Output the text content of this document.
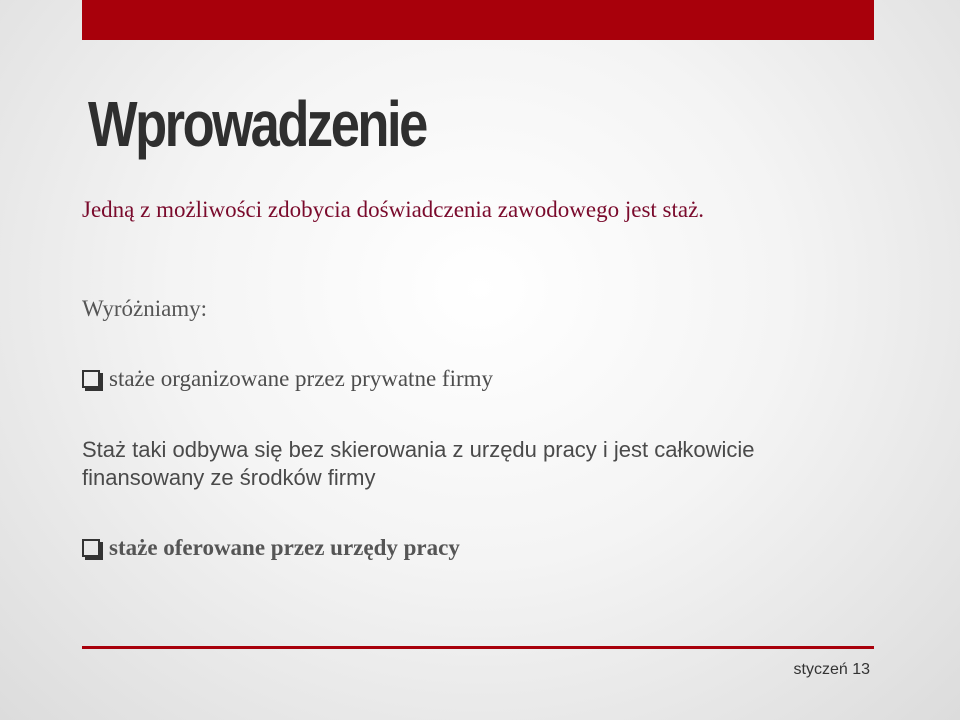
Wprowadzenie
Jedną z możliwości zdobycia doświadczenia zawodowego jest staż.
Wyróżniamy:
staże organizowane przez prywatne firmy
Staż taki odbywa się bez skierowania z urzędu pracy i jest całkowicie finansowany ze środków firmy
staże oferowane przez urzędy pracy
styczeń 13
